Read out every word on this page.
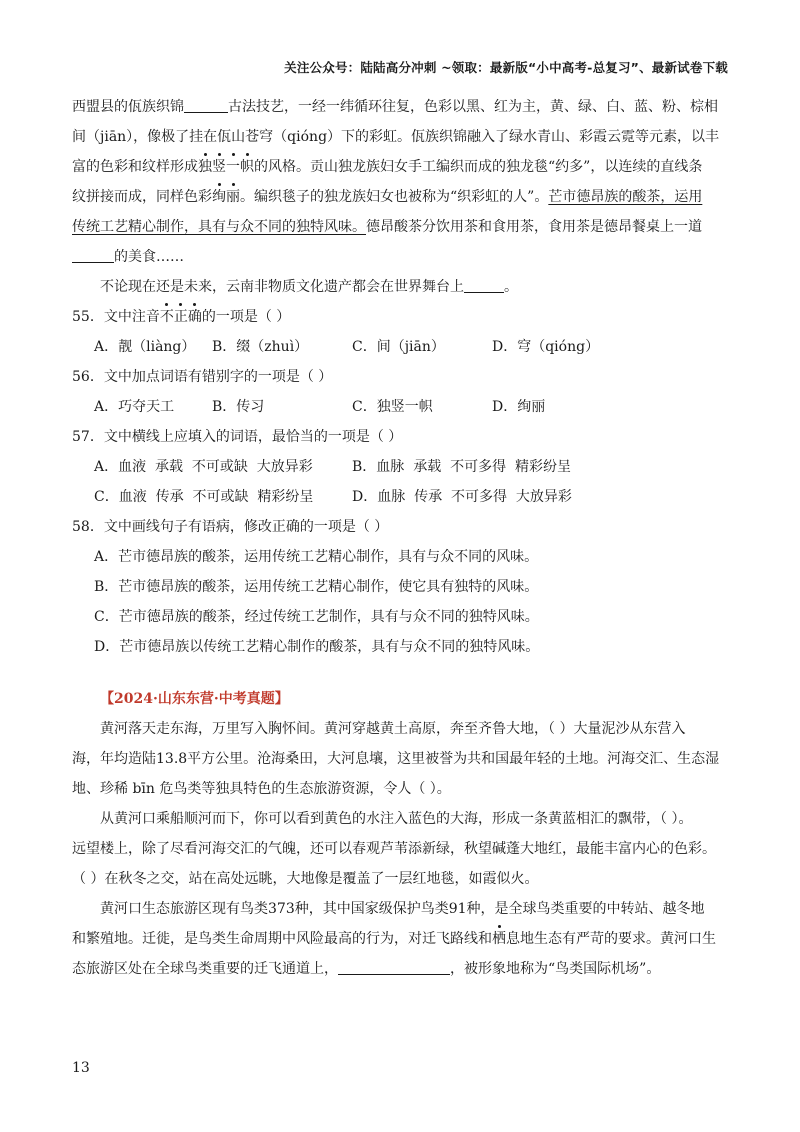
关注公众号：陆陆高分冲刺 ~领取：最新版“小中高考-总复习”、最新试卷下载
西盟县的佤族织锦	古法技艺，一经一纬循环往复，色彩以黑、红为主，黄、绿、白、蓝、粉、棕相
间（jiān），像极了挂在佤山苍穹（qióng）下的彩虹。佤族织锦融入了绿水青山、彩霞云霓等元素，以丰
富的色彩和纹样形成独竖一帜的风格。贡山独龙族妇女手工编织而成的独龙毯“约多”，以连续的直线条
纹拼接而成，同样色彩绚丽。编织毯子的独龙族妇女也被称为“织彩虹的人”。芒市德昂族的酸茶，运用
传统工艺精心制作，具有与众不同的独特风味。德昂酸茶分饮用茶和食用茶，食用茶是德昂餐桌上一道
的美食……
不论现在还是未来，云南非物质文化遗产都会在世界舞台上	。
55．文中注音不正确的一项是（ ）
A．靓（liàng） B．缀（zhuì）	C．间（jiān）	D．穹（qióng）
56．文中加点词语有错别字的一项是（ ）
A．巧夺天工	B．传习	C．独竖一帜	D．绚丽
57．文中横线上应填入的词语，最恰当的一项是（ ）
A．血液  承载  不可或缺  大放异彩	B．血脉  承载  不可多得  精彩纷呈
C．血液  传承  不可或缺  精彩纷呈	D．血脉  传承  不可多得  大放异彩
58．文中画线句子有语病，修改正确的一项是（ ）
A．芒市德昂族的酸茶，运用传统工艺精心制作，具有与众不同的风味。
B．芒市德昂族的酸茶，运用传统工艺精心制作，使它具有独特的风味。
C．芒市德昂族的酸茶，经过传统工艺制作，具有与众不同的独特风味。
D．芒市德昂族以传统工艺精心制作的酸茶，具有与众不同的独特风味。
【2024·山东东营·中考真题】
黄河落天走东海，万里写入胸怀间。黄河穿越黄土高原，奔至齐鲁大地，（ ）大量泥沙从东营入
海，年均造陆13.8平方公里。沧海桑田，大河息壤，这里被誉为共和国最年轻的土地。河海交汇、生态湿
地、珍稀 bīn 危鸟类等独具特色的生态旅游资源，令人（ ）。
从黄河口乘船顺河而下，你可以看到黄色的水注入蓝色的大海，形成一条黄蓝相汇的飘带，（ ）。
远望楼上，除了尽看河海交汇的气魄，还可以春观芦苇添新绿，秋望碱蓬大地红，最能丰富内心的色彩。
（ ）在秋冬之交，站在高处远眺，大地像是覆盖了一层红地毯，如霞似火。
黄河口生态旅游区现有鸟类373种，其中国家级保护鸟类91种，是全球鸟类重要的中转站、越冬地
和繁殖地。迁徙，是鸟类生命周期中风险最高的行为，对迁飞路线和栖息地生态有严苛的要求。黄河口生
态旅游区处在全球鸟类重要的迁飞通道上，	，被形象地称为“鸟类国际机场”。
13
